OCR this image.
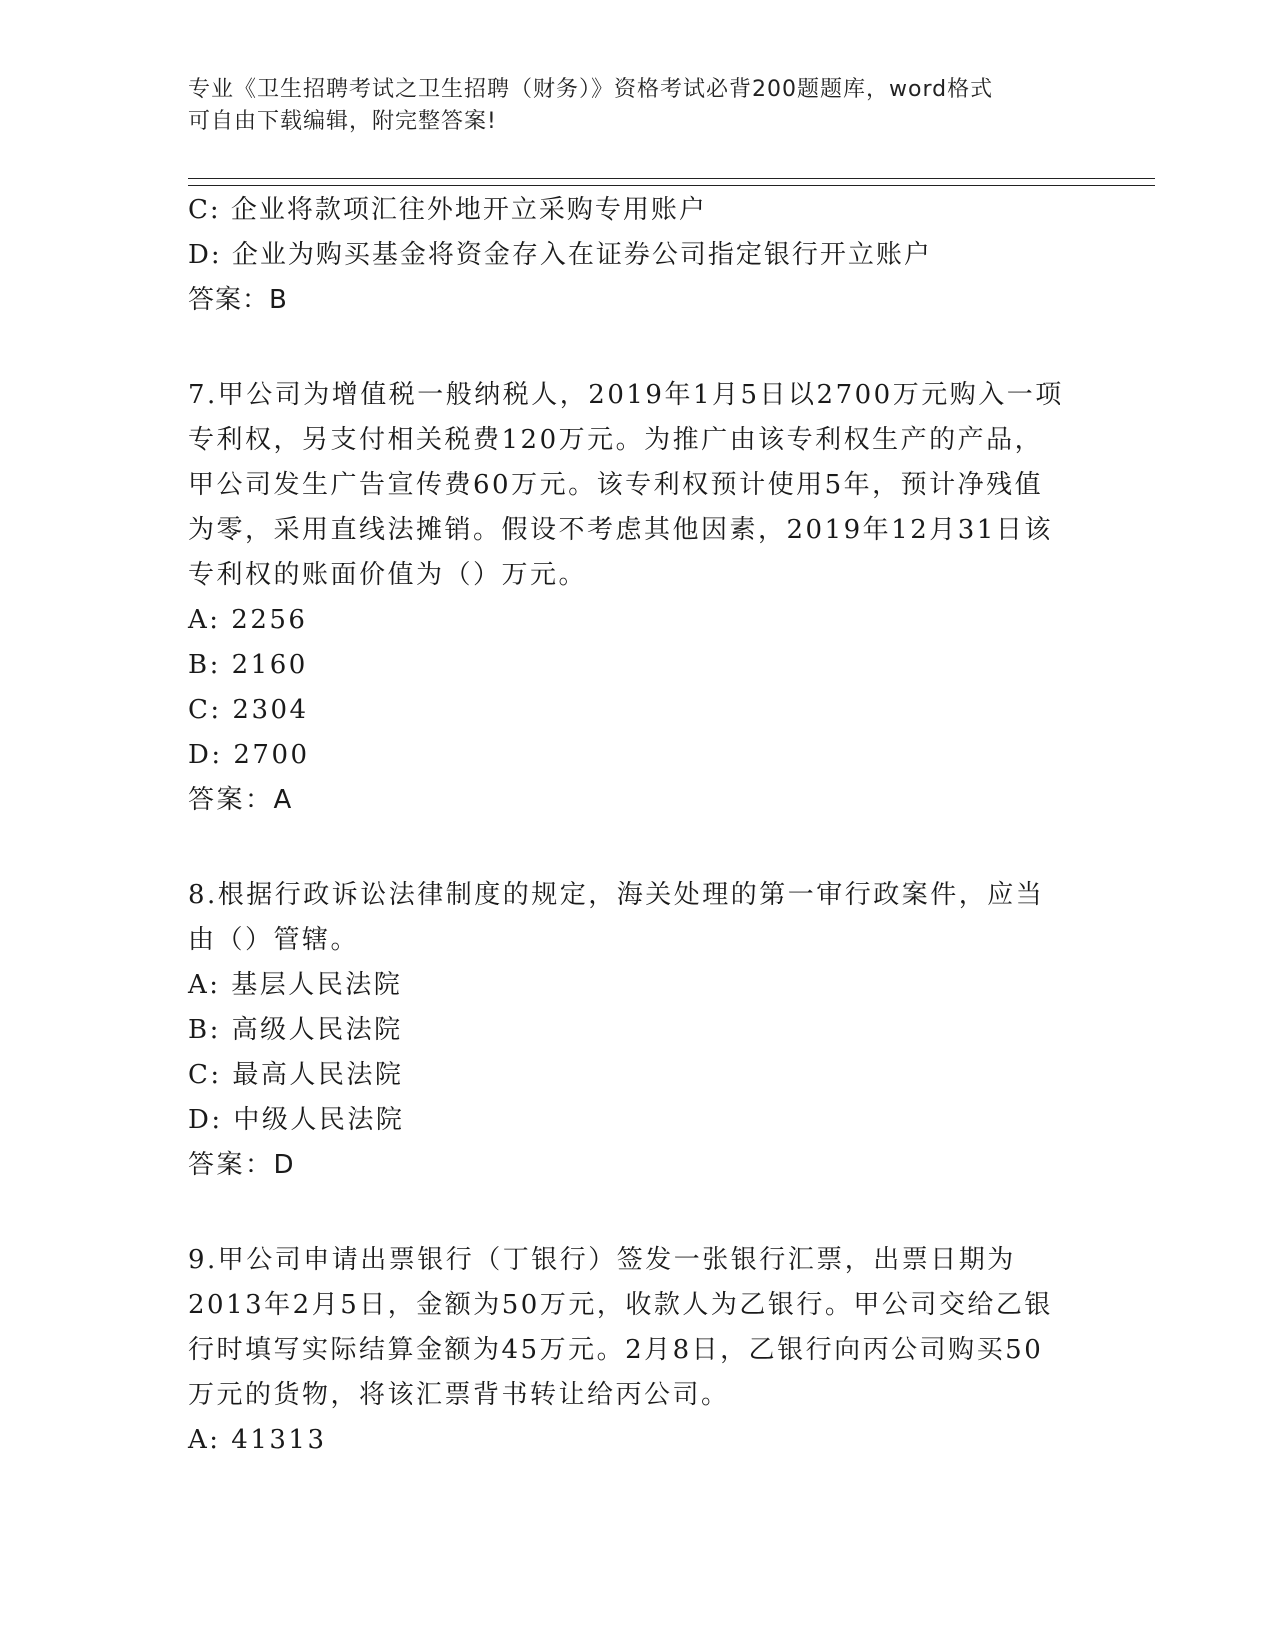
专业《卫生招聘考试之卫生招聘（财务）》资格考试必背200题题库，word格式
可自由下载编辑，附完整答案!
C: 企业将款项汇往外地开立采购专用账户
D: 企业为购买基金将资金存入在证券公司指定银行开立账户
答案：B
7.甲公司为增值税一般纳税人，2019年1月5日以2700万元购入一项
专利权，另支付相关税费120万元。为推广由该专利权生产的产品，
甲公司发生广告宣传费60万元。该专利权预计使用5年，预计净残值
为零，采用直线法摊销。假设不考虑其他因素，2019年12月31日该
专利权的账面价值为（）万元。
A: 2256
B: 2160
C: 2304
D: 2700
答案：A
8.根据行政诉讼法律制度的规定，海关处理的第一审行政案件，应当
由（）管辖。
A: 基层人民法院
B: 高级人民法院
C: 最高人民法院
D: 中级人民法院
答案：D
9.甲公司申请出票银行（丁银行）签发一张银行汇票，出票日期为
2013年2月5日，金额为50万元，收款人为乙银行。甲公司交给乙银
行时填写实际结算金额为45万元。2月8日，乙银行向丙公司购买50
万元的货物，将该汇票背书转让给丙公司。
A: 41313
